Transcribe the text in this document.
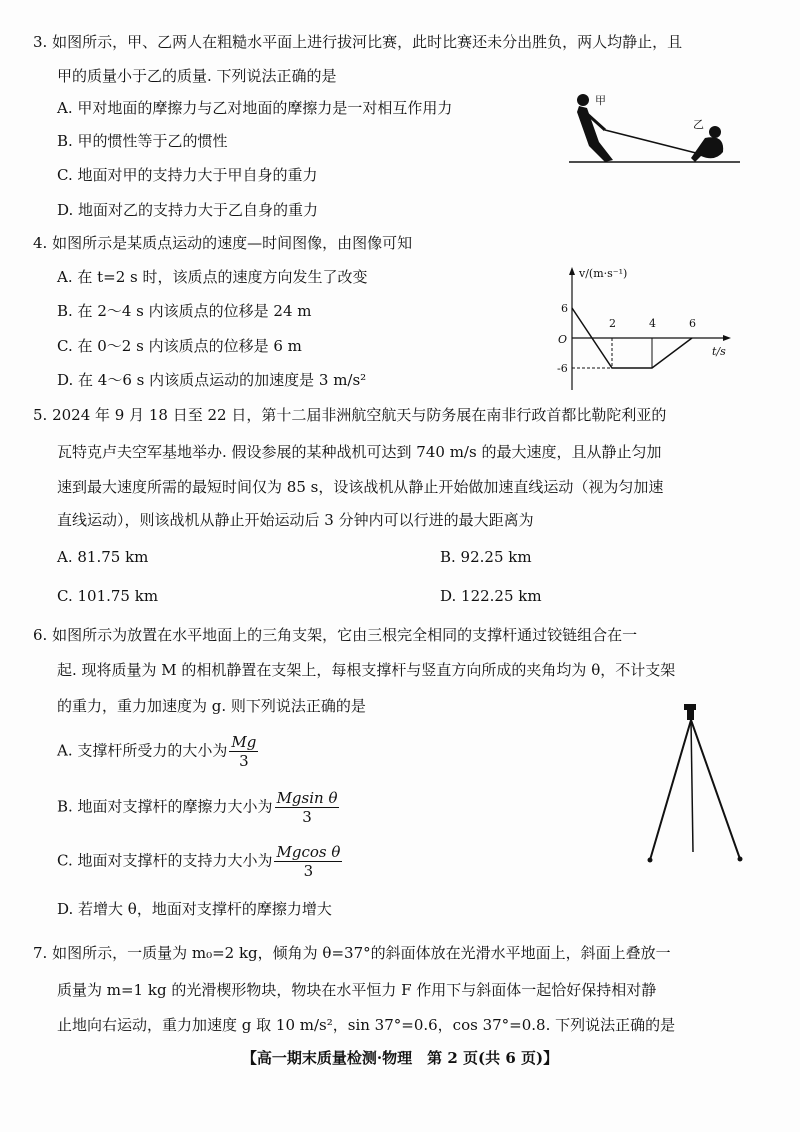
3. 如图所示，甲、乙两人在粗糙水平面上进行拔河比赛，此时比赛还未分出胜负，两人均静止，且
甲的质量小于乙的质量. 下列说法正确的是
A. 甲对地面的摩擦力与乙对地面的摩擦力是一对相互作用力
B. 甲的惯性等于乙的惯性
C. 地面对甲的支持力大于甲自身的重力
D. 地面对乙的支持力大于乙自身的重力
甲
乙
4. 如图所示是某质点运动的速度—时间图像，由图像可知
A. 在 t=2 s 时，该质点的速度方向发生了改变
B. 在 2～4 s 内该质点的位移是 24 m
C. 在 0～2 s 内该质点的位移是 6 m
D. 在 4～6 s 内该质点运动的加速度是 3 m/s²
v/(m·s⁻¹)
t/s
O
2	4	6
6
-6
5. 2024 年 9 月 18 日至 22 日，第十二届非洲航空航天与防务展在南非行政首都比勒陀利亚的
瓦特克卢夫空军基地举办. 假设参展的某种战机可达到 740 m/s 的最大速度，且从静止匀加
速到最大速度所需的最短时间仅为 85 s，设该战机从静止开始做加速直线运动（视为匀加速
直线运动），则该战机从静止开始运动后 3 分钟内可以行进的最大距离为
A. 81.75 km	B. 92.25 km
C. 101.75 km	D. 122.25 km
6. 如图所示为放置在水平地面上的三角支架，它由三根完全相同的支撑杆通过铰链组合在一
起. 现将质量为 M 的相机静置在支架上，每根支撑杆与竖直方向所成的夹角均为 θ，不计支架
的重力，重力加速度为 g. 则下列说法正确的是
A. 支撑杆所受力的大小为 $\frac{Mg}{3}$
B. 地面对支撑杆的摩擦力大小为 $\frac{\text{Mgsin θ}}{3}$
C. 地面对支撑杆的支持力大小为 $\frac{\text{Mgcos θ}}{3}$
D. 若增大 θ，地面对支撑杆的摩擦力增大
7. 如图所示，一质量为 m₀=2 kg，倾角为 θ=37°的斜面体放在光滑水平地面上，斜面上叠放一
质量为 m=1 kg 的光滑楔形物块，物块在水平恒力 F 作用下与斜面体一起恰好保持相对静
止地向右运动，重力加速度 g 取 10 m/s²，sin 37°=0.6，cos 37°=0.8. 下列说法正确的是
【高一期末质量检测·物理　第 2 页(共 6 页)】
